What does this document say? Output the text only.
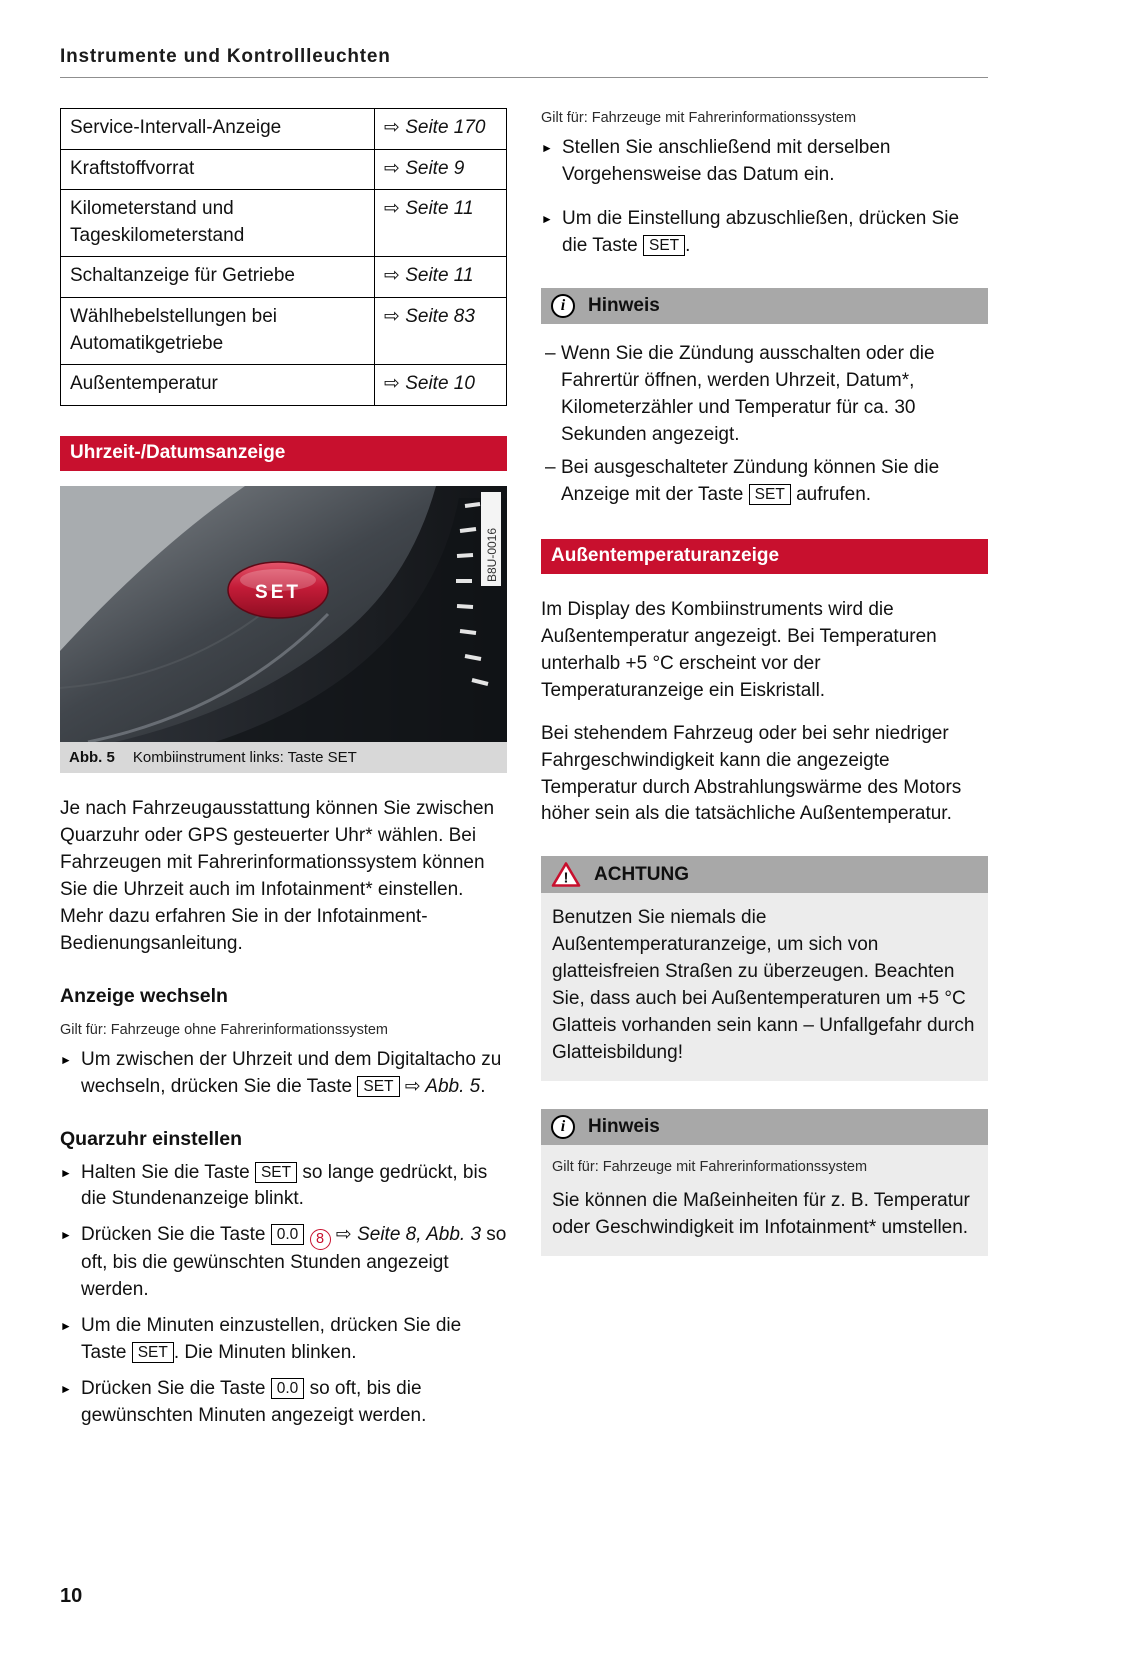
Instrumente und Kontrollleuchten
Service-Intervall-Anzeige	⇨ Seite 170
Kraftstoffvorrat	⇨ Seite 9
Kilometerstand und Tageskilometerstand	⇨ Seite 11
Schaltanzeige für Getriebe	⇨ Seite 11
Wählhebelstellungen bei Automatikgetriebe	⇨ Seite 83
Außentemperatur	⇨ Seite 10
Uhrzeit-/Datumsanzeige
SET
B8U-0016
Abb. 5 Kombiinstrument links: Taste SET

Je nach Fahrzeugausstattung können Sie zwischen Quarzuhr oder GPS gesteuerter Uhr* wählen. Bei Fahrzeugen mit Fahrerinformationssystem können Sie die Uhrzeit auch im Infotainment* einstellen. Mehr dazu erfahren Sie in der Infotainment-Bedienungsanleitung.

Anzeige wechseln
Gilt für: Fahrzeuge ohne Fahrerinformationssystem
► Um zwischen der Uhrzeit und dem Digitaltacho zu wechseln, drücken Sie die Taste SET ⇨ Abb. 5.
Quarzuhr einstellen
► Halten Sie die Taste SET so lange gedrückt, bis die Stundenanzeige blinkt.
► Drücken Sie die Taste 0.0 8 ⇨ Seite 8, Abb. 3 so oft, bis die gewünschten Stunden angezeigt werden.
► Um die Minuten einzustellen, drücken Sie die Taste SET . Die Minuten blinken.
► Drücken Sie die Taste 0.0 so oft, bis die gewünschten Minuten angezeigt werden.
Gilt für: Fahrzeuge mit Fahrerinformationssystem
► Stellen Sie anschließend mit derselben Vorgehensweise das Datum ein.
► Um die Einstellung abzuschließen, drücken Sie die Taste SET .
i	Hinweis
– Wenn Sie die Zündung ausschalten oder die Fahrertür öffnen, werden Uhrzeit, Datum*, Kilometerzähler und Temperatur für ca. 30 Sekunden angezeigt.
– Bei ausgeschalteter Zündung können Sie die Anzeige mit der Taste SET aufrufen.
Außentemperaturanzeige

Im Display des Kombiinstruments wird die Außentemperatur angezeigt. Bei Temperaturen unterhalb +5 °C erscheint vor der Temperaturanzeige ein Eiskristall.

Bei stehendem Fahrzeug oder bei sehr niedriger Fahrgeschwindigkeit kann die angezeigte Temperatur durch Abstrahlungswärme des Motors höher sein als die tatsächliche Außentemperatur.

! ACHTUNG
Benutzen Sie niemals die Außentemperaturanzeige, um sich von glatteisfreien Straßen zu überzeugen. Beachten Sie, dass auch bei Außentemperaturen um +5 °C Glatteis vorhanden sein kann – Unfallgefahr durch Glatteisbildung!
i	Hinweis
Gilt für: Fahrzeuge mit Fahrerinformationssystem
Sie können die Maßeinheiten für z. B. Temperatur oder Geschwindigkeit im Infotainment* umstellen.
10
